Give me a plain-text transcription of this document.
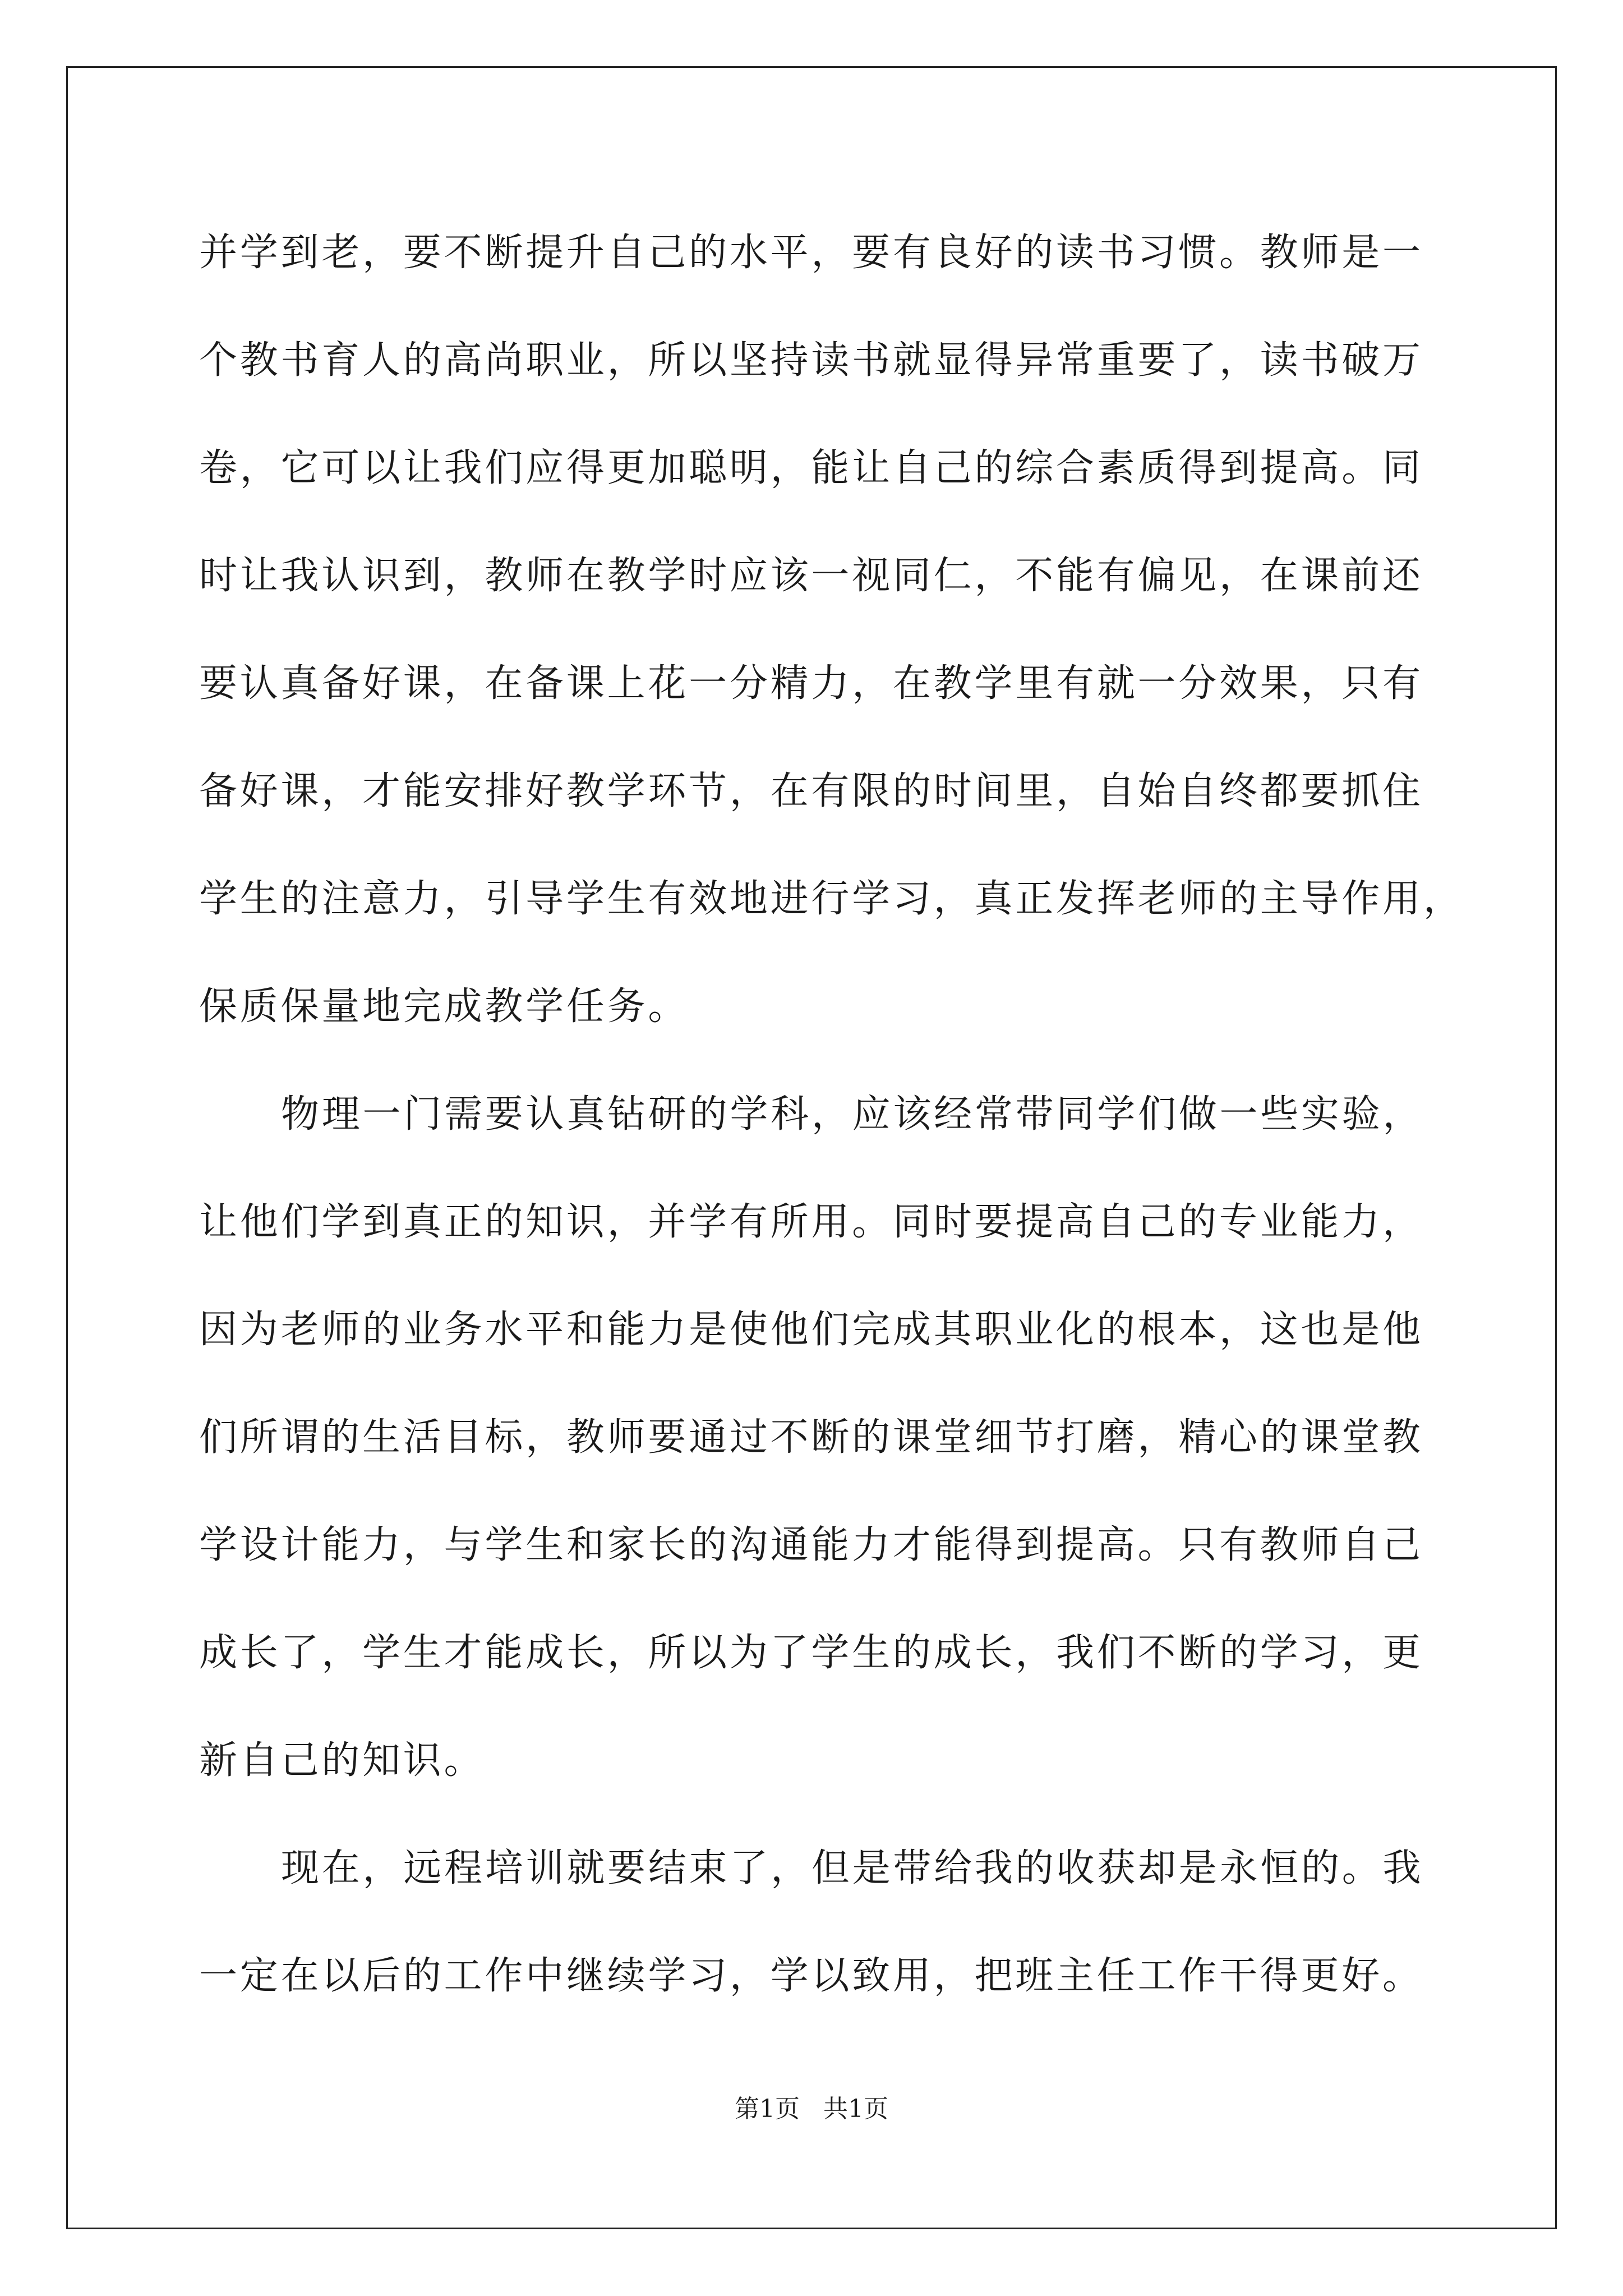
并学到老，要不断提升自己的水平，要有良好的读书习惯。教师是一
个教书育人的高尚职业，所以坚持读书就显得异常重要了，读书破万
卷，它可以让我们应得更加聪明，能让自己的综合素质得到提高。同
时让我认识到，教师在教学时应该一视同仁，不能有偏见，在课前还
要认真备好课，在备课上花一分精力，在教学里有就一分效果，只有
备好课，才能安排好教学环节，在有限的时间里，自始自终都要抓住
学生的注意力，引导学生有效地进行学习，真正发挥老师的主导作用，
保质保量地完成教学任务。
物理一门需要认真钻研的学科，应该经常带同学们做一些实验，
让他们学到真正的知识，并学有所用。同时要提高自己的专业能力，
因为老师的业务水平和能力是使他们完成其职业化的根本，这也是他
们所谓的生活目标，教师要通过不断的课堂细节打磨，精心的课堂教
学设计能力，与学生和家长的沟通能力才能得到提高。只有教师自己
成长了，学生才能成长，所以为了学生的成长，我们不断的学习，更
新自己的知识。
现在，远程培训就要结束了，但是带给我的收获却是永恒的。我
一定在以后的工作中继续学习，学以致用，把班主任工作干得更好。
第1页   共1页
